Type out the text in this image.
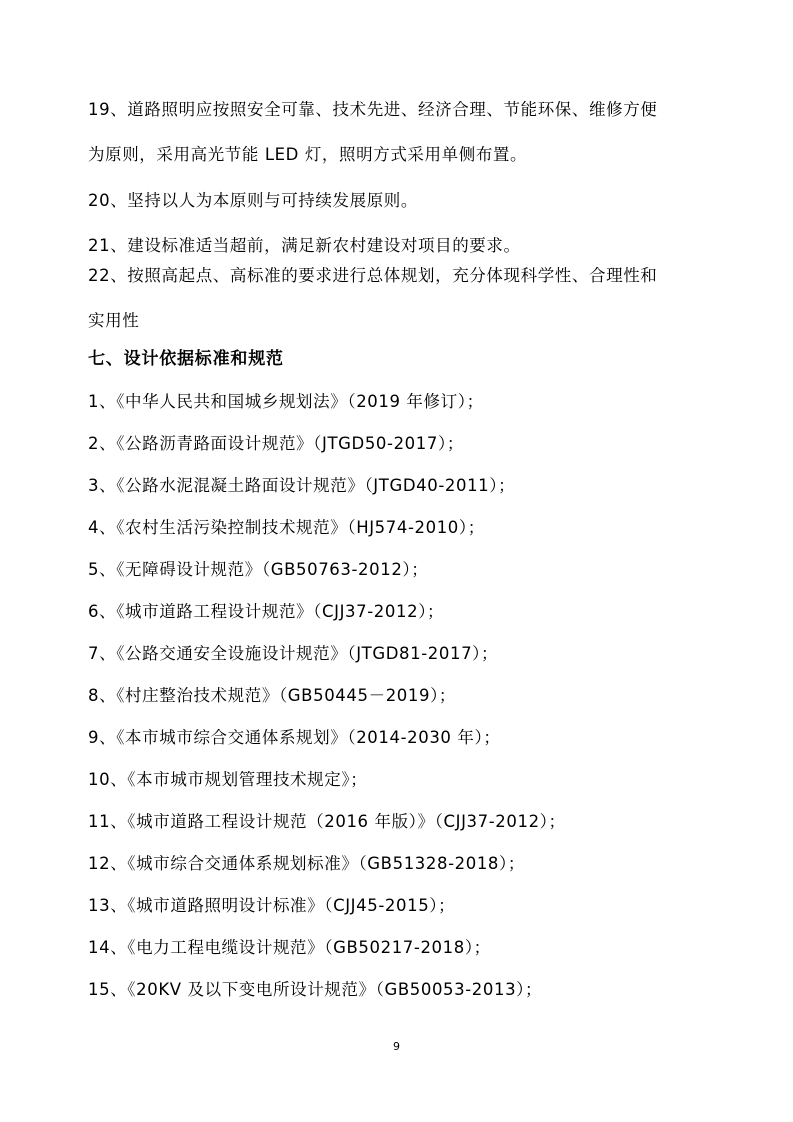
19、道路照明应按照安全可靠、技术先进、经济合理、节能环保、维修方便
为原则，采用高光节能 LED 灯，照明方式采用单侧布置。
20、坚持以人为本原则与可持续发展原则。
21、建设标准适当超前，满足新农村建设对项目的要求。
22、按照高起点、高标准的要求进行总体规划，充分体现科学性、合理性和
实用性
七、设计依据标准和规范
1、《中华人民共和国城乡规划法》（2019 年修订）；
2、《公路沥青路面设计规范》（JTGD50-2017）；
3、《公路水泥混凝土路面设计规范》（JTGD40-2011）；
4、《农村生活污染控制技术规范》（HJ574-2010）；
5、《无障碍设计规范》（GB50763-2012）；
6、《城市道路工程设计规范》（CJJ37-2012）；
7、《公路交通安全设施设计规范》（JTGD81-2017）；
8、《村庄整治技术规范》（GB50445－2019）；
9、《本市城市综合交通体系规划》（2014-2030 年）；
10、《本市城市规划管理技术规定》；
11、《城市道路工程设计规范（2016 年版）》（CJJ37-2012）；
12、《城市综合交通体系规划标准》（GB51328-2018）；
13、《城市道路照明设计标准》（CJJ45-2015）；
14、《电力工程电缆设计规范》（GB50217-2018）；
15、《20KV 及以下变电所设计规范》（GB50053-2013）；
9
